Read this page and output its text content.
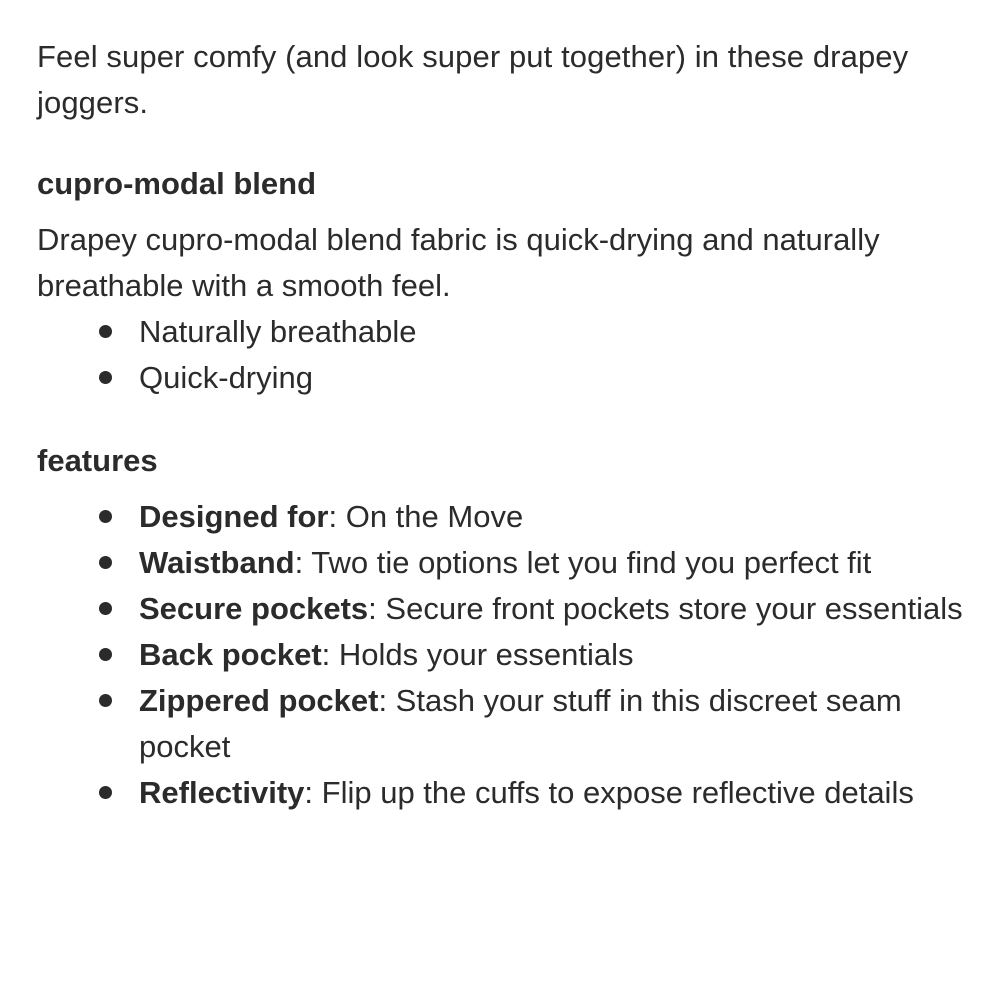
Feel super comfy (and look super put together) in these drapey joggers.

cupro-modal blend

Drapey cupro-modal blend fabric is quick-drying and naturally breathable with a smooth feel.

Naturally breathable
Quick-drying
features
Designed for: On the Move
Waistband: Two tie options let you find you perfect fit
Secure pockets: Secure front pockets store your essentials
Back pocket: Holds your essentials
Zippered pocket: Stash your stuff in this discreet seam pocket
Reflectivity: Flip up the cuffs to expose reflective details
